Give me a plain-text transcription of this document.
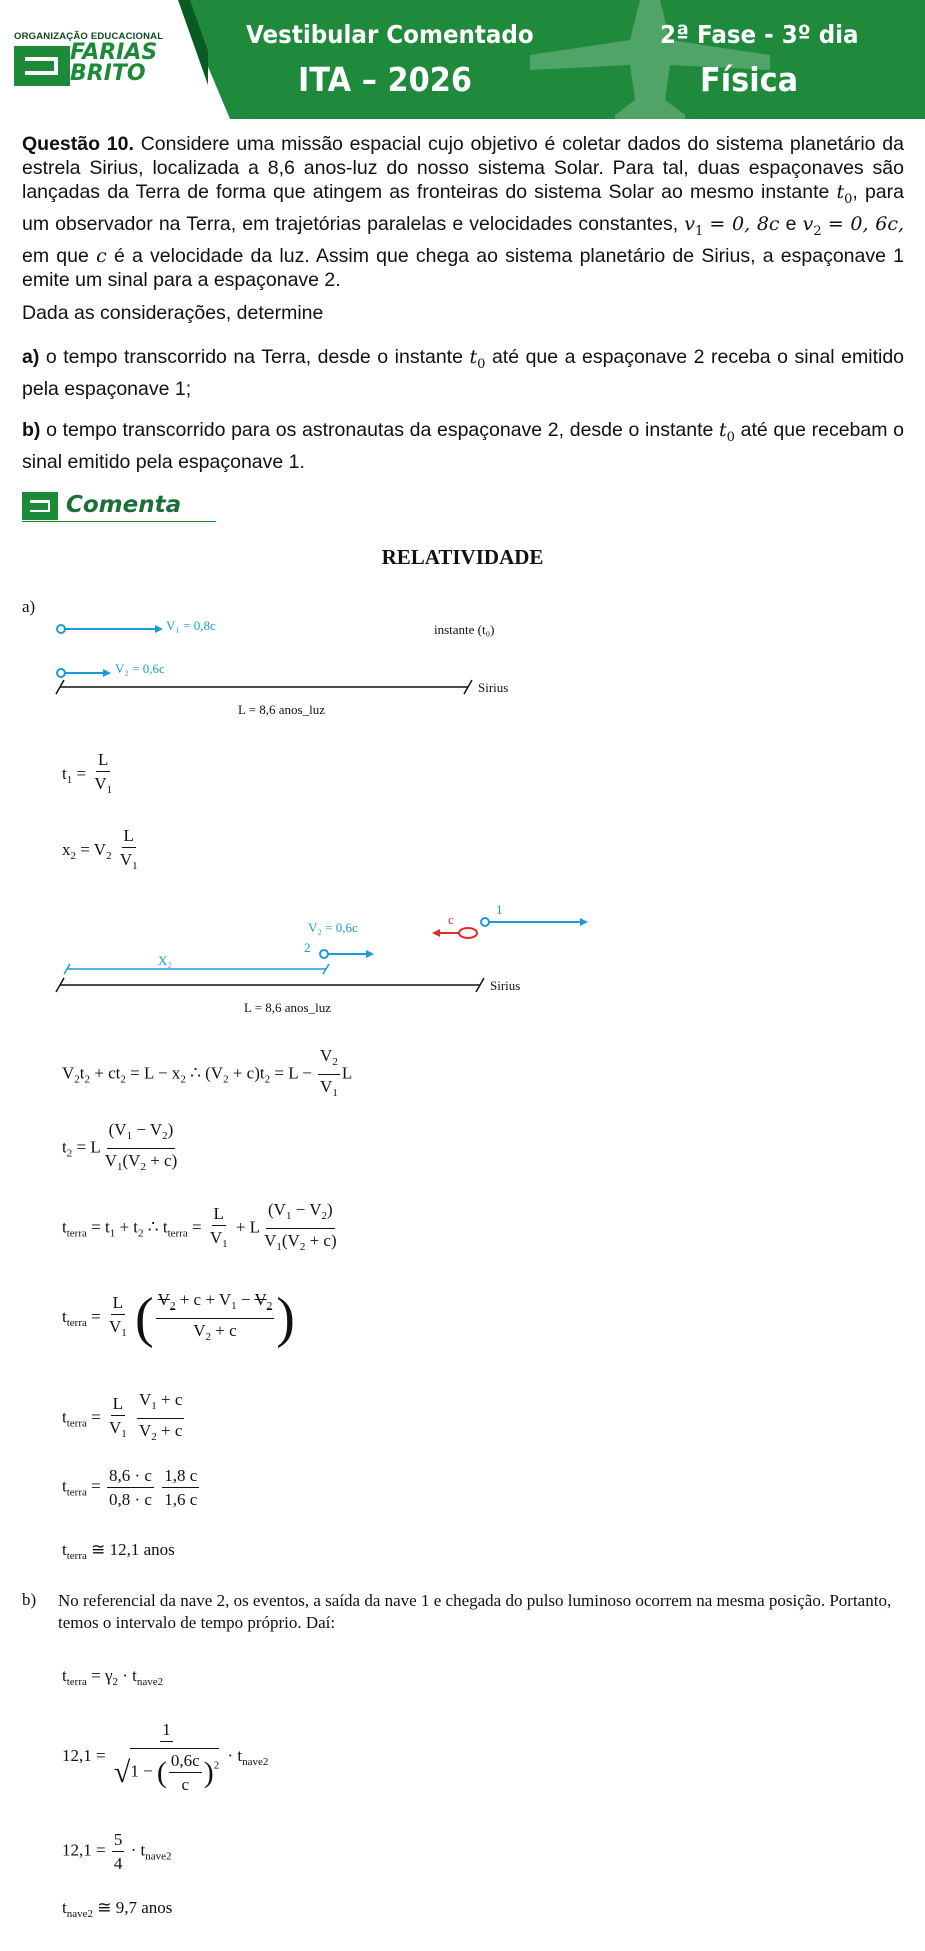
ORGANIZAÇÃO EDUCACIONAL
FARIAS
BRITO
Vestibular Comentado
ITA – 2026
2ª Fase - 3º dia
Física
Questão 10. Considere uma missão espacial cujo objetivo é coletar dados do sistema planetário da estrela Sirius, localizada a 8,6 anos-luz do nosso sistema Solar. Para tal, duas espaçonaves são lançadas da Terra de forma que atingem as fronteiras do sistema Solar ao mesmo instante $t_0$, para um observador na Terra, em trajetórias paralelas e velocidades constantes, $v_1 = 0$, 8c e $v_2 = 0$, 6c, em que c é a velocidade da luz. Assim que chega ao sistema planetário de Sirius, a espaçonave 1 emite um sinal para a espaçonave 2.
Dada as considerações, determine
a) o tempo transcorrido na Terra, desde o instante $t_0$ até que a espaçonave 2 receba o sinal emitido pela espaçonave 1;
b) o tempo transcorrido para os astronautas da espaçonave 2, desde o instante $t_0$ até que recebam o sinal emitido pela espaçonave 1.
Comenta
RELATIVIDADE
a)
V₁ = 0,8c
V₂ = 0,6c
instante (t₀)
Sirius
L = 8,6 anos_luz
$t_1 = \frac{L}{V_1}$
$x_2 = V_2 \frac{L}{V_1}$
V₂ = 0,6c
c
1
2
X₂
Sirius
L = 8,6 anos_luz
$V_2t_2 + ct_2 = L - x_2$ ∴ $(V_2 + c)t_2 = L - \frac{V_2}{V_1}$ L
$t_2 = L \frac{(V_1 - V_2)}{V_1(V_2 + c)}$
$t_{terra} = t_1 + t_2$ ∴ $t_{terra} = \frac{L}{V_1} + L \frac{(V_1 - V_2)}{V_1(V_2 + c)}$
$t_{terra} = \frac{L}{V_1}$ ( $\frac{V_2 + c + V_1 - V_2}{V_2 + c}$ )
$t_{terra} = \frac{L}{V_1}$
$\frac{V_1 + c}{V_2 + c}$
$t_{terra} = \frac{8,6 \cdot c}{0,8 \cdot c}$
$\frac{1,8 c}{1,6 c}$
$t_{terra}$ ≅ 12,1 anos
b) No referencial da nave 2, os eventos, a saída da nave 1 e chegada do pulso luminoso ocorrem na mesma posição. Portanto, temos o intervalo de tempo próprio. Daí:
$t_{terra} = \gamma_2 \cdot t_{nave2}$
$12,1 = \frac{1}{√1 - ( \frac{0,6c}{c} )^2} \cdot t_{nave2}$
$12,1 = \frac{5}{4} \cdot t_{nave2}$
$t_{nave2}$ ≅ 9,7 anos
